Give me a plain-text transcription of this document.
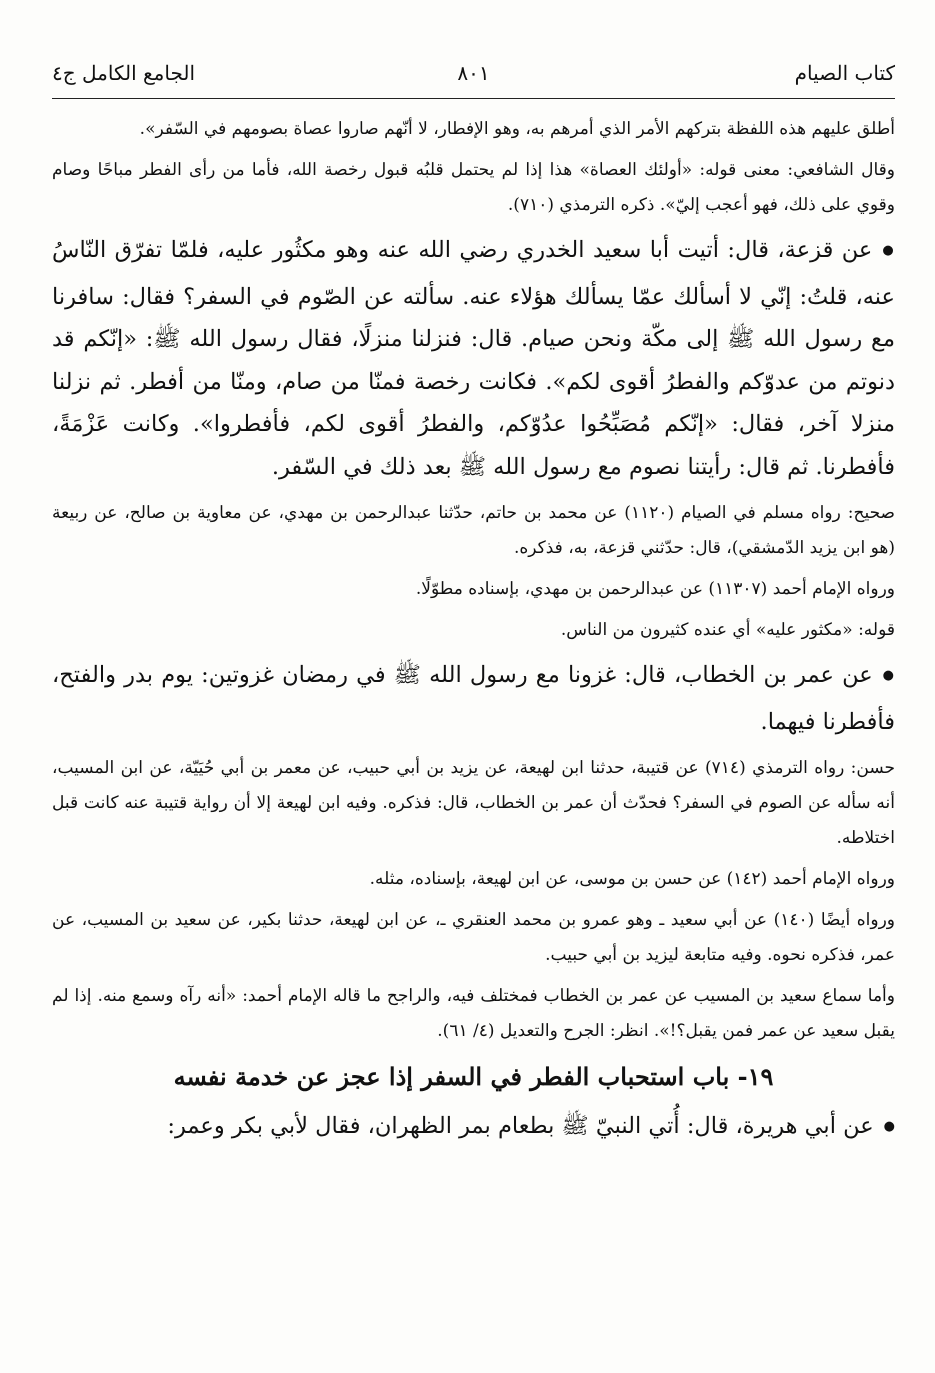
كتاب الصيام
٨٠١
الجامع الكامل ج٤

أطلق عليهم هذه اللفظة بتركهم الأمر الذي أمرهم به، وهو الإفطار، لا أنّهم صاروا عصاة بصومهم في السّفر».

وقال الشافعي: معنى قوله: «أولئك العصاة» هذا إذا لم يحتمل قلبُه قبول رخصة الله، فأما من رأى الفطر مباحًا وصام وقوي على ذلك، فهو أعجب إليّ». ذكره الترمذي (٧١٠).

● عن قزعة، قال: أتيت أبا سعيد الخدري رضي الله عنه وهو مكثُور عليه، فلمّا تفرّق النّاسُ عنه، قلتُ: إنّي لا أسألك عمّا يسألك هؤلاء عنه. سألته عن الصّوم في السفر؟ فقال: سافرنا مع رسول الله ﷺ إلى مكّة ونحن صيام. قال: فنزلنا منزلًا، فقال رسول الله ﷺ: «إنّكم قد دنوتم من عدوّكم والفطرُ أقوى لكم». فكانت رخصة فمنّا من صام، ومنّا من أفطر. ثم نزلنا منزلا آخر، فقال: «إنّكم مُصَبِّحُوا عدُوّكم، والفطرُ أقوى لكم، فأفطروا». وكانت عَزْمَةً، فأفطرنا. ثم قال: رأيتنا نصوم مع رسول الله ﷺ بعد ذلك في السّفر.

صحيح: رواه مسلم في الصيام (١١٢٠) عن محمد بن حاتم، حدّثنا عبدالرحمن بن مهدي، عن معاوية بن صالح، عن ربيعة (هو ابن يزيد الدّمشقي)، قال: حدّثني قزعة، به، فذكره.

ورواه الإمام أحمد (١١٣٠٧) عن عبدالرحمن بن مهدي، بإسناده مطوّلًا.

قوله: «مكثور عليه» أي عنده كثيرون من الناس.

● عن عمر بن الخطاب، قال: غزونا مع رسول الله ﷺ في رمضان غزوتين: يوم بدر والفتح، فأفطرنا فيهما.

حسن: رواه الترمذي (٧١٤) عن قتيبة، حدثنا ابن لهيعة، عن يزيد بن أبي حبيب، عن معمر بن أبي حُيَيّة، عن ابن المسيب، أنه سأله عن الصوم في السفر؟ فحدّث أن عمر بن الخطاب، قال: فذكره. وفيه ابن لهيعة إلا أن رواية قتيبة عنه كانت قبل اختلاطه.

ورواه الإمام أحمد (١٤٢) عن حسن بن موسى، عن ابن لهيعة، بإسناده، مثله.

ورواه أيضًا (١٤٠) عن أبي سعيد ـ وهو عمرو بن محمد العنقري ـ، عن ابن لهيعة، حدثنا بكير، عن سعيد بن المسيب، عن عمر، فذكره نحوه. وفيه متابعة ليزيد بن أبي حبيب.

وأما سماع سعيد بن المسيب عن عمر بن الخطاب فمختلف فيه، والراجح ما قاله الإمام أحمد: «أنه رآه وسمع منه. إذا لم يقبل سعيد عن عمر فمن يقبل؟!». انظر: الجرح والتعديل (٤/ ٦١).

١٩- باب استحباب الفطر في السفر إذا عجز عن خدمة نفسه

● عن أبي هريرة، قال: أُتي النبيّ ﷺ بطعام بمر الظهران، فقال لأبي بكر وعمر:
